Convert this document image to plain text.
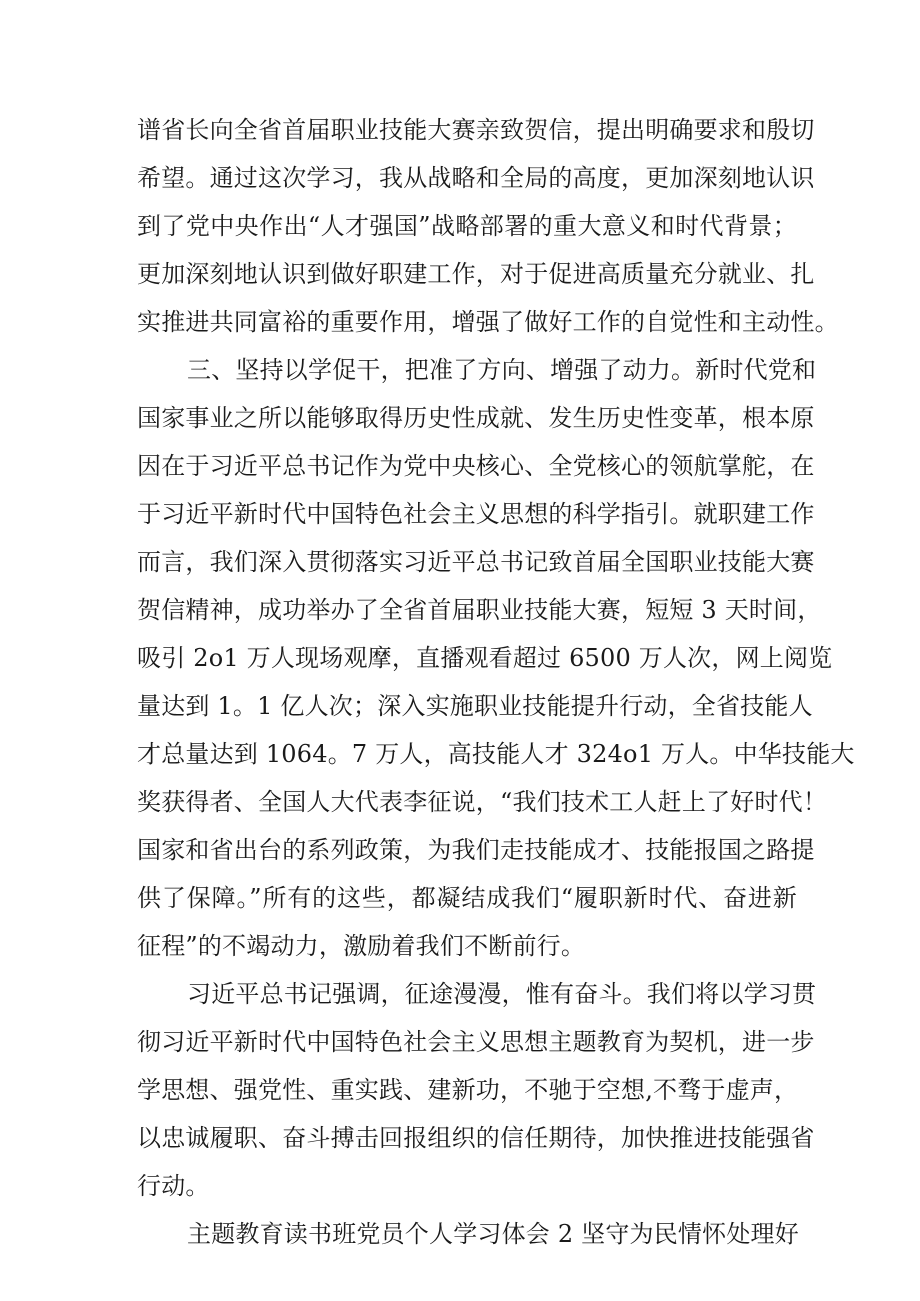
谱省长向全省首届职业技能大赛亲致贺信，提出明确要求和殷切
希望。通过这次学习，我从战略和全局的高度，更加深刻地认识
到了党中央作出“人才强国”战略部署的重大意义和时代背景；
更加深刻地认识到做好职建工作，对于促进高质量充分就业、扎
实推进共同富裕的重要作用，增强了做好工作的自觉性和主动性。
三、坚持以学促干，把准了方向、增强了动力。新时代党和
国家事业之所以能够取得历史性成就、发生历史性变革，根本原
因在于习近平总书记作为党中央核心、全党核心的领航掌舵，在
于习近平新时代中国特色社会主义思想的科学指引。就职建工作
而言，我们深入贯彻落实习近平总书记致首届全国职业技能大赛
贺信精神，成功举办了全省首届职业技能大赛，短短 3 天时间，
吸引 2o1 万人现场观摩，直播观看超过 6500 万人次，网上阅览
量达到 1。1 亿人次；深入实施职业技能提升行动，全省技能人
才总量达到 1064。7 万人，高技能人才 324o1 万人。中华技能大
奖获得者、全国人大代表李征说，“我们技术工人赶上了好时代！
国家和省出台的系列政策，为我们走技能成才、技能报国之路提
供了保障。”所有的这些，都凝结成我们“履职新时代、奋进新
征程”的不竭动力，激励着我们不断前行。
习近平总书记强调，征途漫漫，惟有奋斗。我们将以学习贯
彻习近平新时代中国特色社会主义思想主题教育为契机，进一步
学思想、强党性、重实践、建新功，不驰于空想,不骛于虚声，
以忠诚履职、奋斗搏击回报组织的信任期待，加快推进技能强省
行动。
主题教育读书班党员个人学习体会 2 坚守为民情怀处理好
